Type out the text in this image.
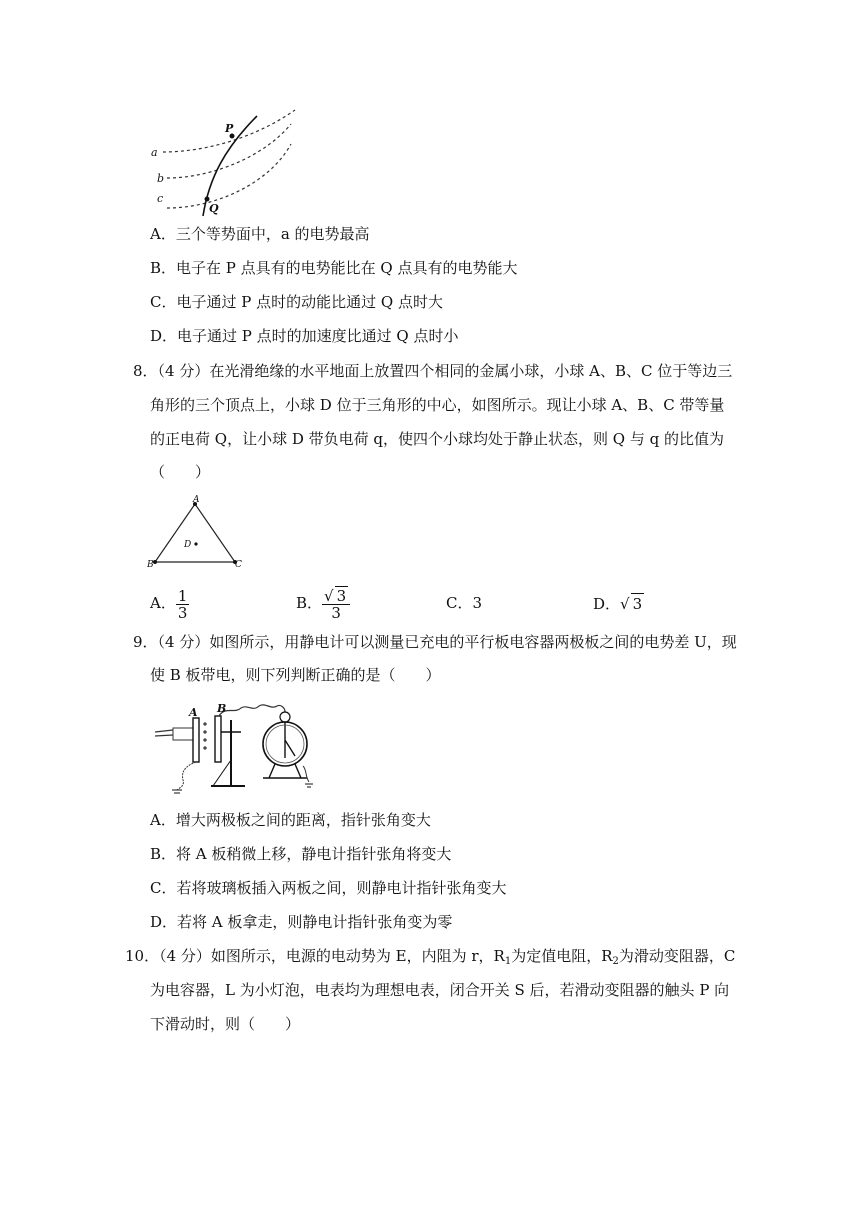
a
b
c
P
Q
A．三个等势面中，a 的电势最高
B．电子在 P 点具有的电势能比在 Q 点具有的电势能大
C．电子通过 P 点时的动能比通过 Q 点时大
D．电子通过 P 点时的加速度比通过 Q 点时小
8．（4 分）在光滑绝缘的水平地面上放置四个相同的金属小球，小球 A、B、C 位于等边三
角形的三个顶点上，小球 D 位于三角形的中心，如图所示。现让小球 A、B、C 带等量
的正电荷 Q，让小球 D 带负电荷 q，使四个小球均处于静止状态，则 Q 与 q 的比值为
（　　）
A
B	C
D
A． $\frac{1}{3}$	B． $\frac{√ 3}{3}$	C．3	D．√ 3
9．（4 分）如图所示，用静电计可以测量已充电的平行板电容器两极板之间的电势差 U，现
使 B 板带电，则下列判断正确的是（　　）
A B
A．增大两极板之间的距离，指针张角变大
B．将 A 板稍微上移，静电计指针张角将变大
C．若将玻璃板插入两板之间，则静电计指针张角变大
D．若将 A 板拿走，则静电计指针张角变为零
10．（4 分）如图所示，电源的电动势为 E，内阻为 r，$R_1$为定值电阻，$R_2$为滑动变阻器，C
为电容器，L 为小灯泡，电表均为理想电表，闭合开关 S 后，若滑动变阻器的触头 P 向
下滑动时，则（　　）
